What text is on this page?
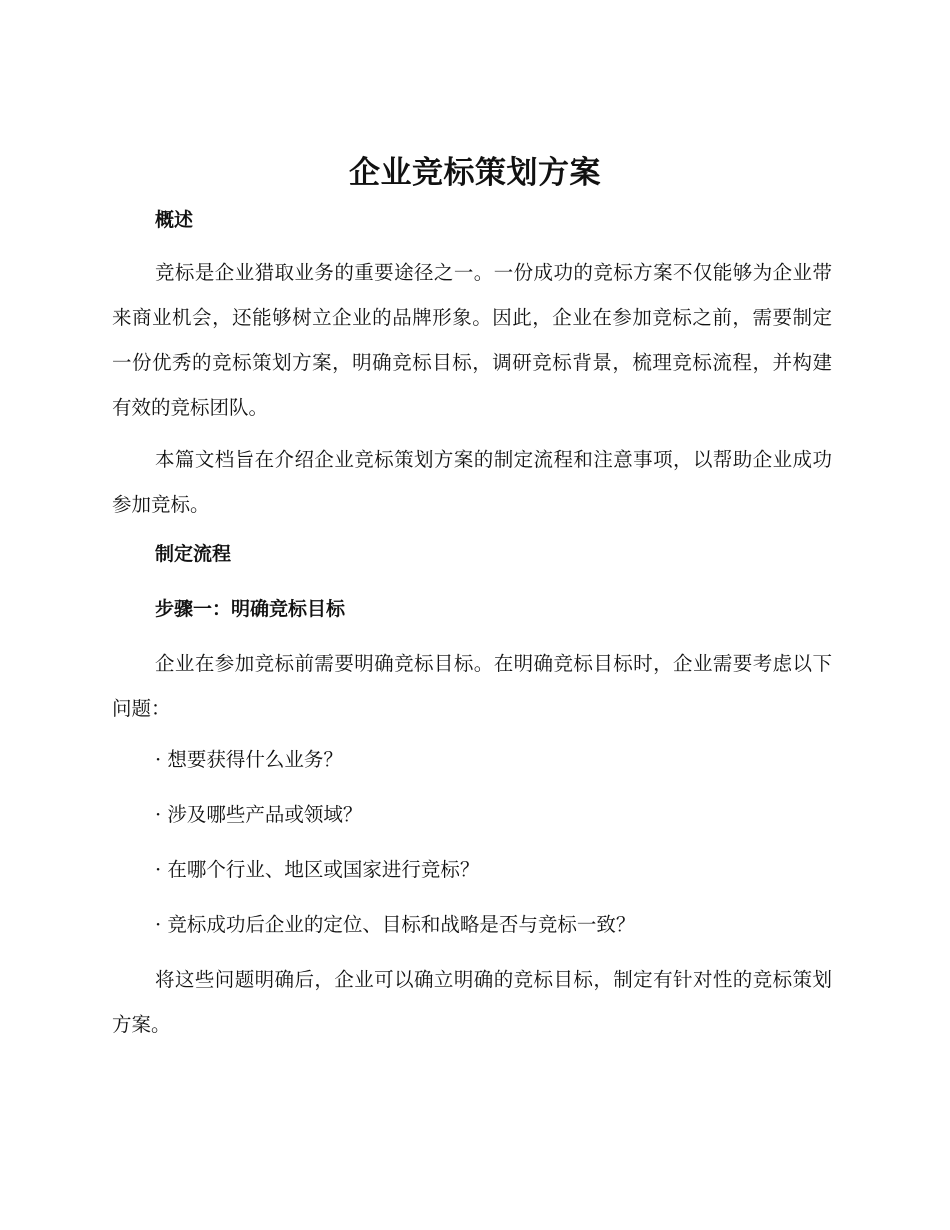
企业竞标策划方案
概述

竞标是企业猎取业务的重要途径之一。一份成功的竞标方案不仅能够为企业带来商业机会，还能够树立企业的品牌形象。因此，企业在参加竞标之前，需要制定一份优秀的竞标策划方案，明确竞标目标，调研竞标背景，梳理竞标流程，并构建有效的竞标团队。

本篇文档旨在介绍企业竞标策划方案的制定流程和注意事项，以帮助企业成功参加竞标。

制定流程
步骤一：明确竞标目标

企业在参加竞标前需要明确竞标目标。在明确竞标目标时，企业需要考虑以下问题：

· 想要获得什么业务？
· 涉及哪些产品或领域？
· 在哪个行业、地区或国家进行竞标？
· 竞标成功后企业的定位、目标和战略是否与竞标一致？

将这些问题明确后，企业可以确立明确的竞标目标，制定有针对性的竞标策划方案。
